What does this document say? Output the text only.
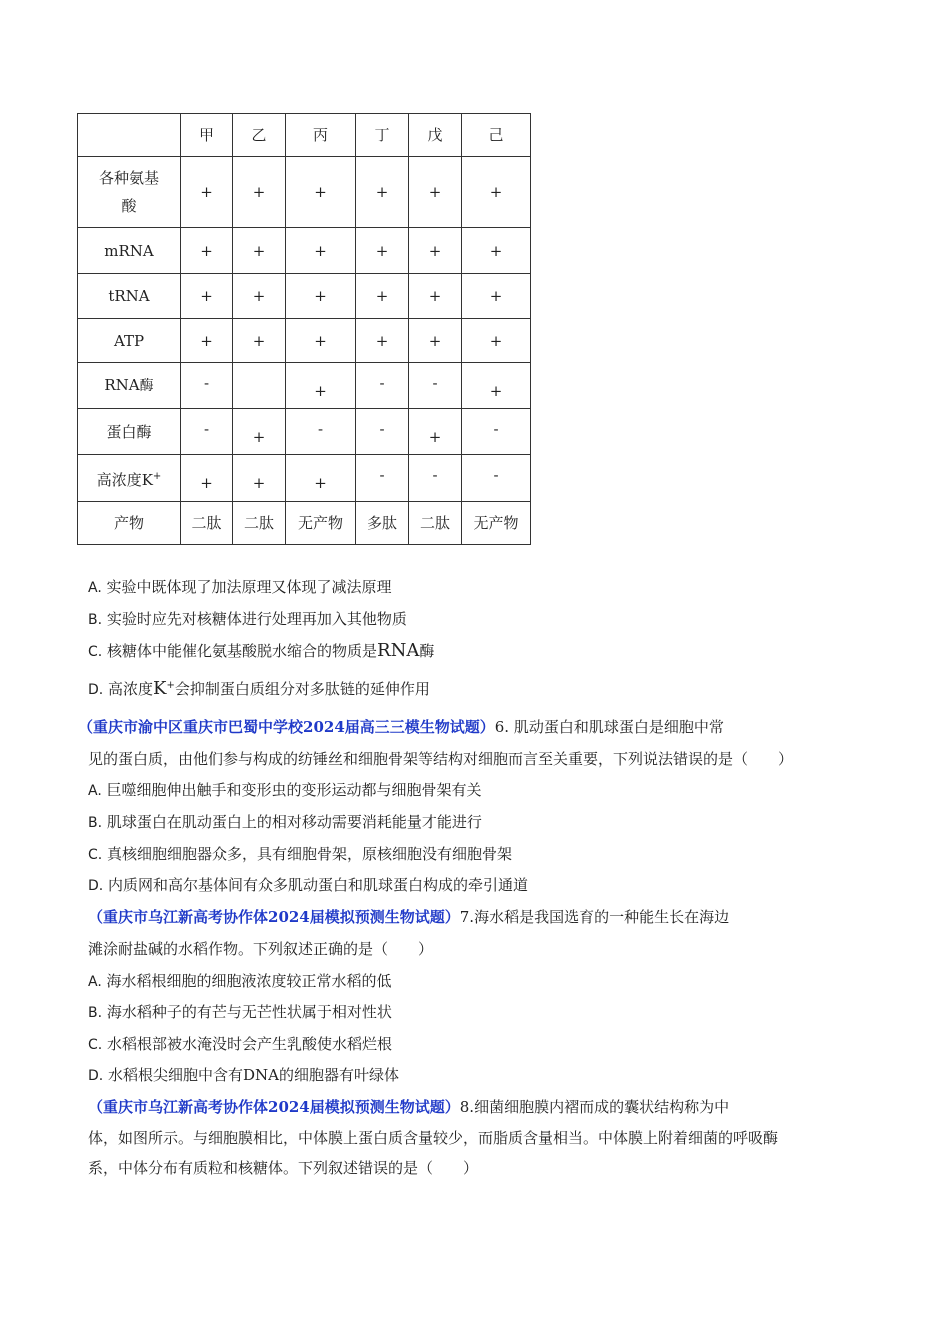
	甲	乙	丙	丁	戊	己
各种氨基
酸	+	+	+	+	+	+
mRNA	+	+	+	+	+	+
tRNA	+	+	+	+	+	+
ATP	+	+	+	+	+	+
RNA酶	-		+	-	-	+
蛋白酶	-	+	-	-	+	-
高浓度K+	+	+	+	-	-	-
产物	二肽	二肽	无产物	多肽	二肽	无产物
A. 实验中既体现了加法原理又体现了减法原理
B. 实验时应先对核糖体进行处理再加入其他物质
C. 核糖体中能催化氨基酸脱水缩合的物质是RNA酶
D. 高浓度K+会抑制蛋白质组分对多肽链的延伸作用
（重庆市渝中区重庆市巴蜀中学校2024届高三三模生物试题）6. 肌动蛋白和肌球蛋白是细胞中常
见的蛋白质，由他们参与构成的纺锤丝和细胞骨架等结构对细胞而言至关重要，下列说法错误的是（　　）
A. 巨噬细胞伸出触手和变形虫的变形运动都与细胞骨架有关
B. 肌球蛋白在肌动蛋白上的相对移动需要消耗能量才能进行
C. 真核细胞细胞器众多，具有细胞骨架，原核细胞没有细胞骨架
D. 内质网和高尔基体间有众多肌动蛋白和肌球蛋白构成的牵引通道
（重庆市乌江新高考协作体2024届模拟预测生物试题）7.海水稻是我国选育的一种能生长在海边
滩涂耐盐碱的水稻作物。下列叙述正确的是（　　）
A. 海水稻根细胞的细胞液浓度较正常水稻的低
B. 海水稻种子的有芒与无芒性状属于相对性状
C. 水稻根部被水淹没时会产生乳酸使水稻烂根
D. 水稻根尖细胞中含有DNA的细胞器有叶绿体
（重庆市乌江新高考协作体2024届模拟预测生物试题）8.细菌细胞膜内褶而成的囊状结构称为中
体，如图所示。与细胞膜相比，中体膜上蛋白质含量较少，而脂质含量相当。中体膜上附着细菌的呼吸酶
系，中体分布有质粒和核糖体。下列叙述错误的是（　　）
